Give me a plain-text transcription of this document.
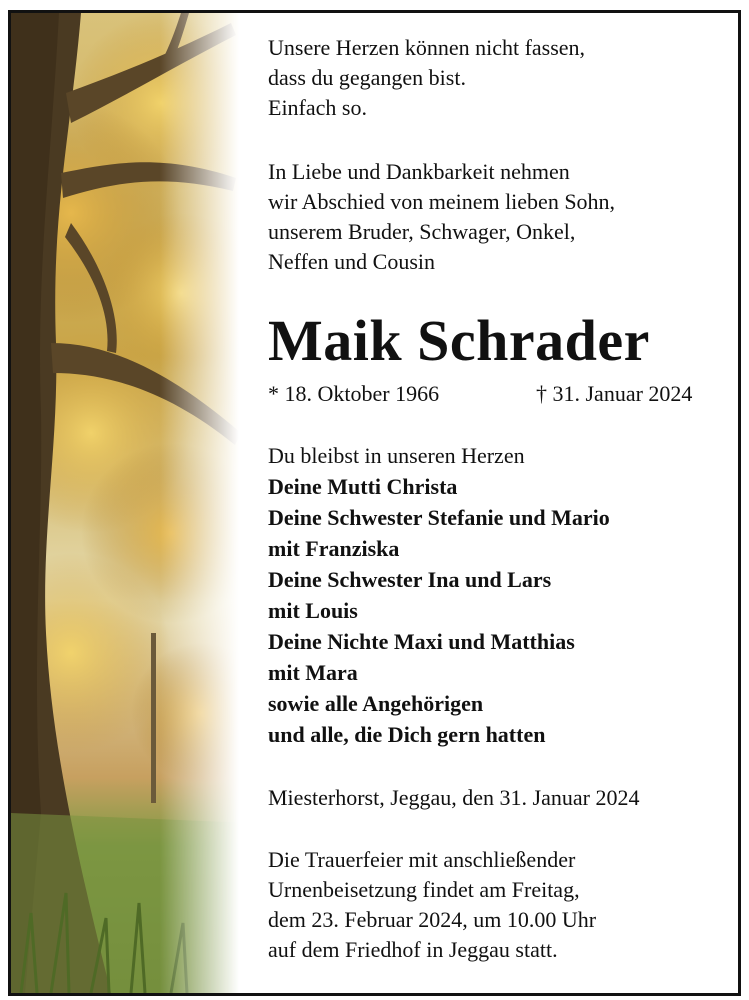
Unsere Herzen können nicht fassen,
dass du gegangen bist.
Einfach so.
In Liebe und Dankbarkeit nehmen
wir Abschied von meinem lieben Sohn,
unserem Bruder, Schwager, Onkel,
Neffen und Cousin
Maik Schrader
* 18. Oktober 1966	† 31. Januar 2024
Du bleibst in unseren Herzen
Deine Mutti Christa
Deine Schwester Stefanie und Mario
mit Franziska
Deine Schwester Ina und Lars
mit Louis
Deine Nichte Maxi und Matthias
mit Mara
sowie alle Angehörigen
und alle, die Dich gern hatten
Miesterhorst, Jeggau, den 31. Januar 2024
Die Trauerfeier mit anschließender
Urnenbeisetzung findet am Freitag,
dem 23. Februar 2024, um 10.00 Uhr
auf dem Friedhof in Jeggau statt.
